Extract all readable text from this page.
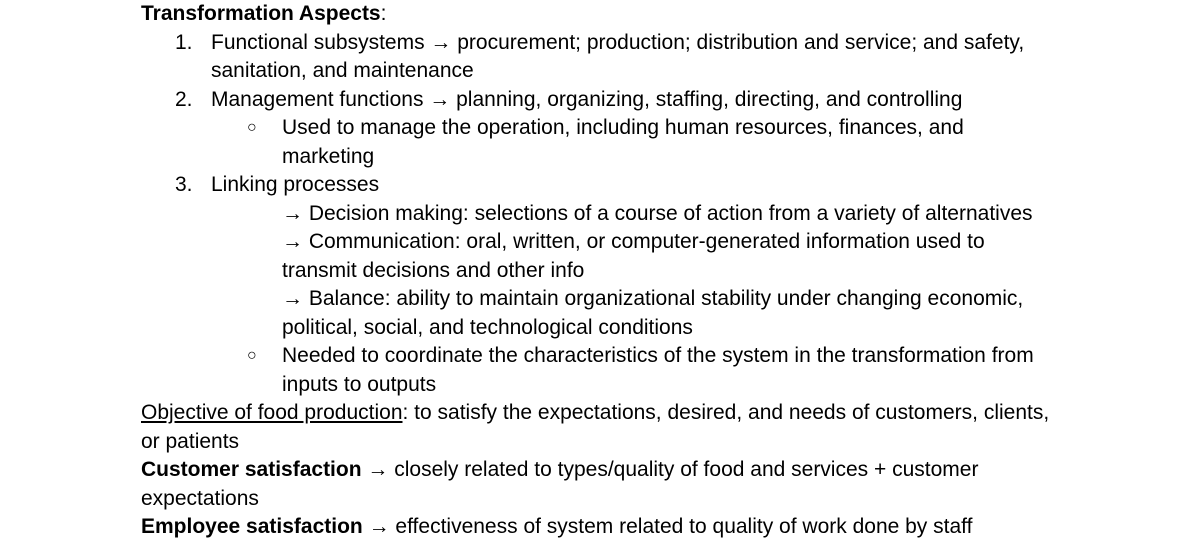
Transformation Aspects:

1. Functional subsystems → procurement; production; distribution and service; and safety, sanitation, and maintenance
2. Management functions → planning, organizing, staffing, directing, and controlling
○ Used to manage the operation, including human resources, finances, and marketing
3. Linking processes
→ Decision making: selections of a course of action from a variety of alternatives
→ Communication: oral, written, or computer-generated information used to transmit decisions and other info
→ Balance: ability to maintain organizational stability under changing economic, political, social, and technological conditions
○ Needed to coordinate the characteristics of the system in the transformation from inputs to outputs

Objective of food production: to satisfy the expectations, desired, and needs of customers, clients, or patients

Customer satisfaction → closely related to types/quality of food and services + customer expectations

Employee satisfaction → effectiveness of system related to quality of work done by staff
